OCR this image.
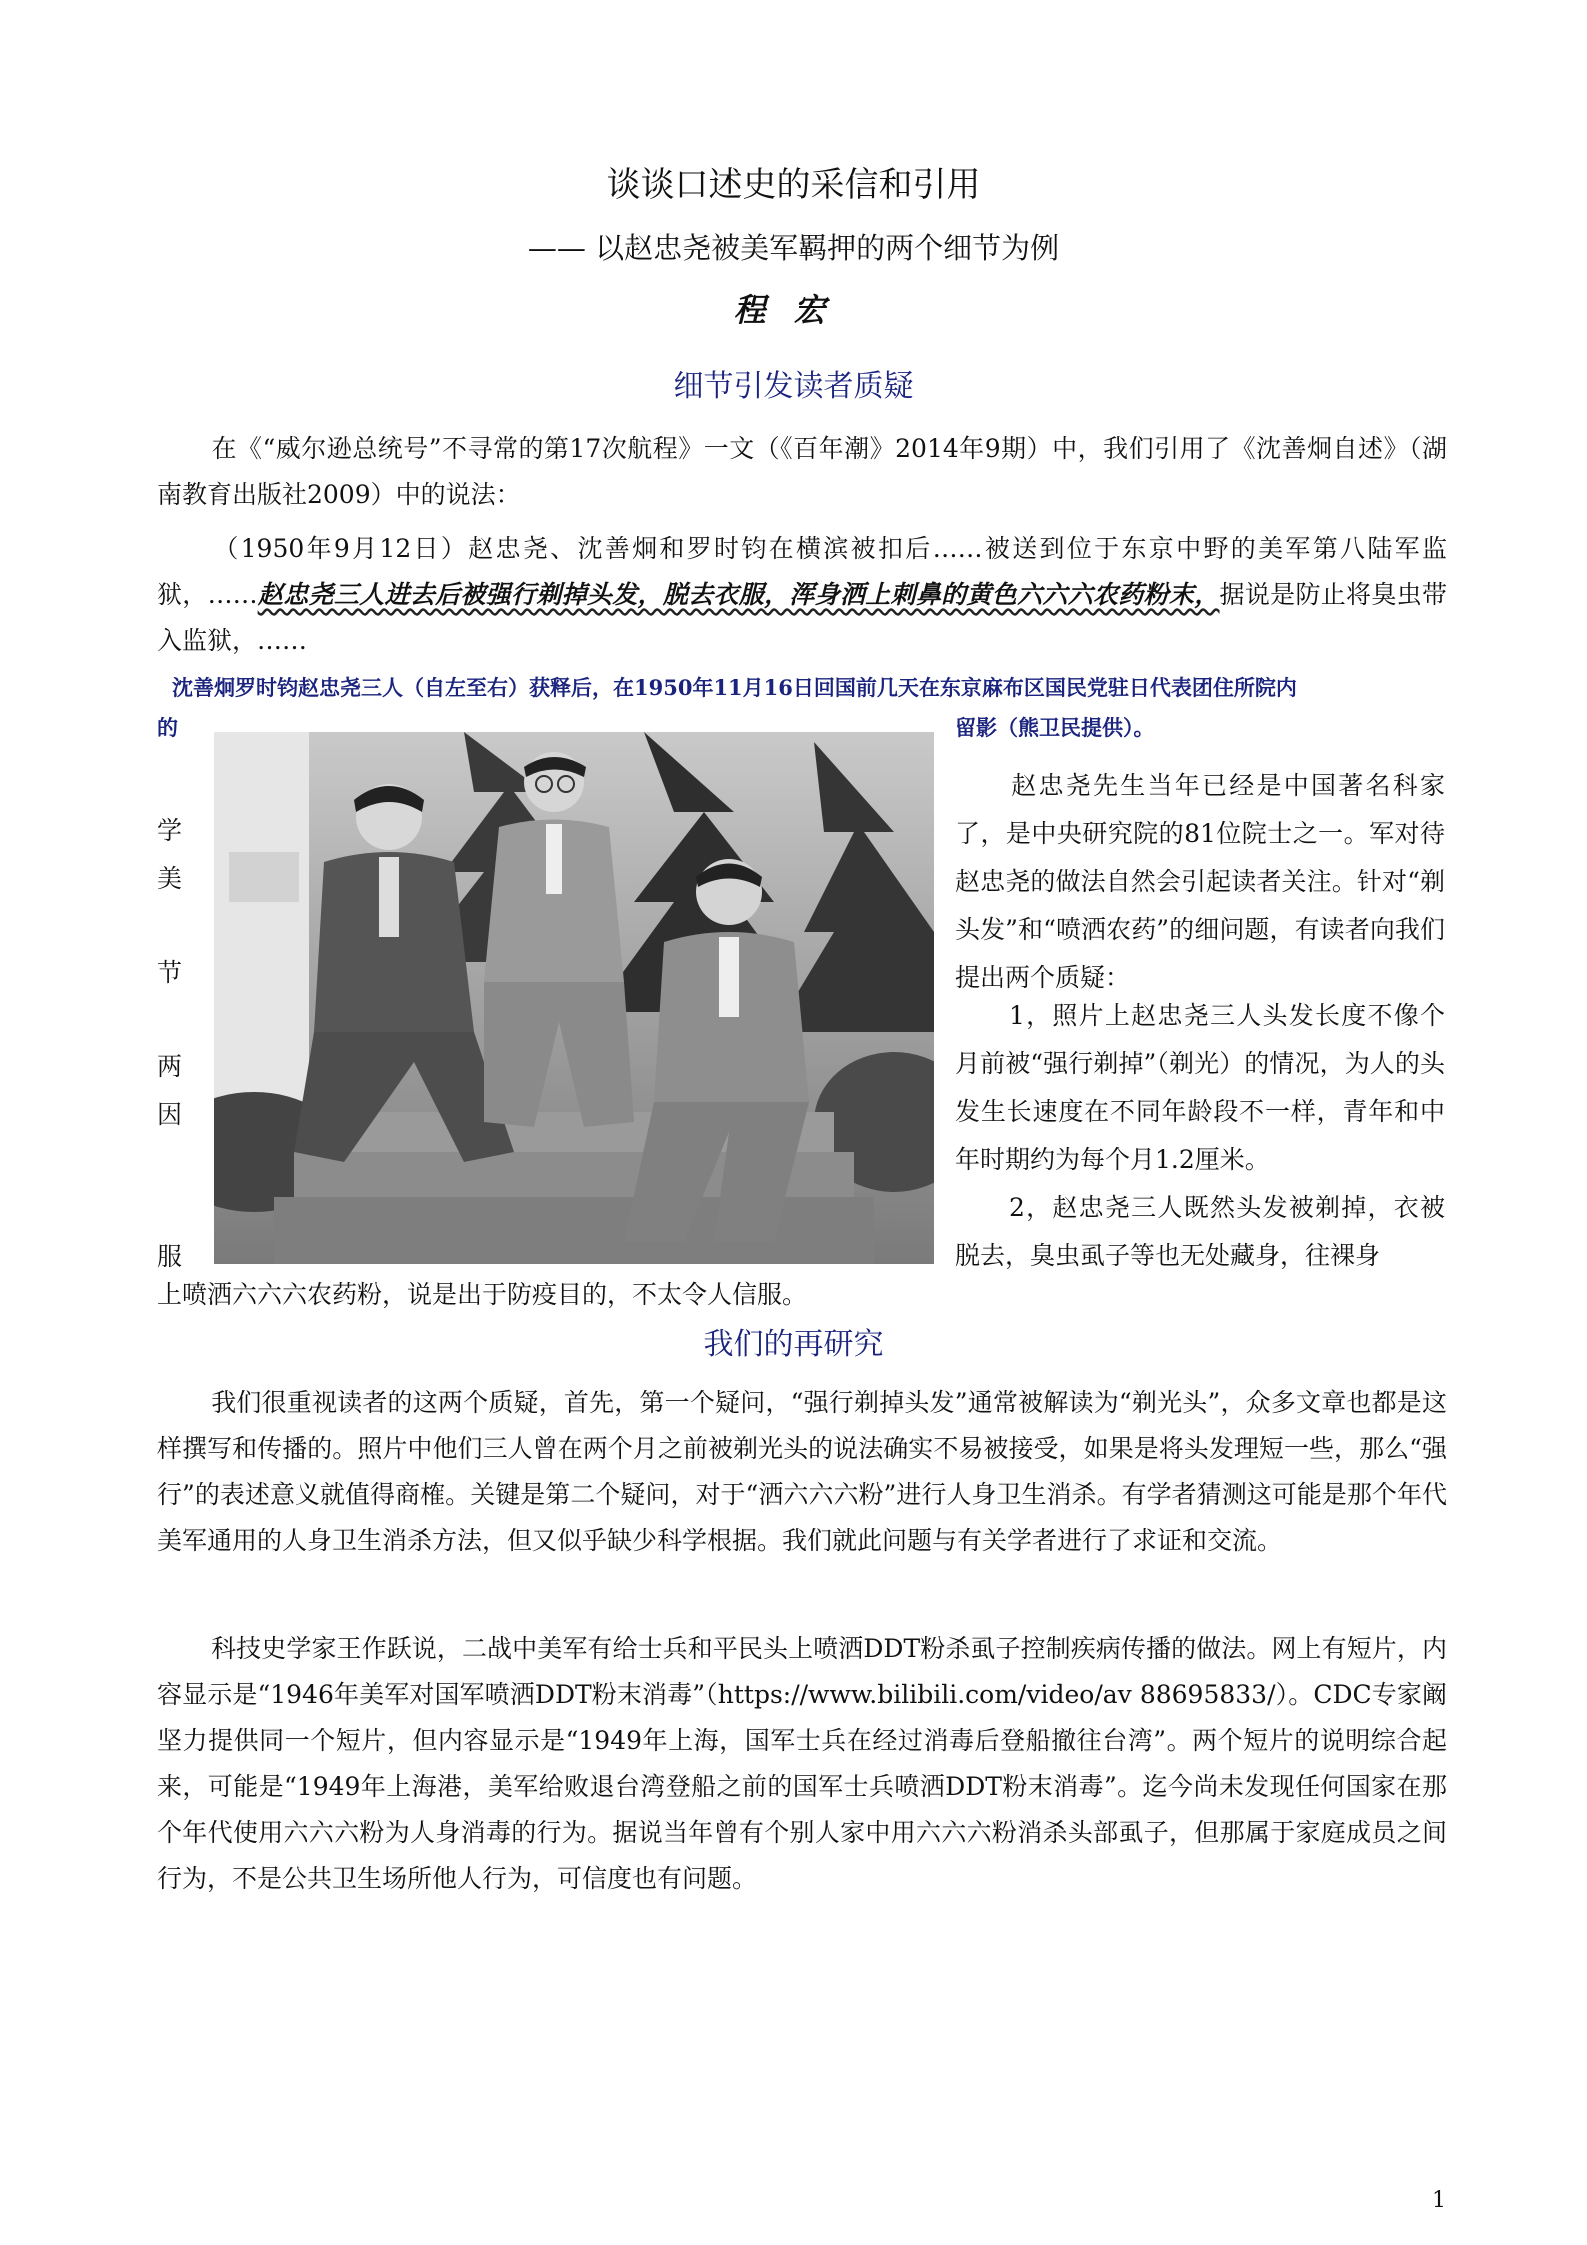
谈谈口述史的采信和引用
—— 以赵忠尧被美军羁押的两个细节为例
程宏
细节引发读者质疑

在《“威尔逊总统号”不寻常的第17次航程》一文（《百年潮》2014年9期）中，我们引用了《沈善炯自述》（湖南教育出版社2009）中的说法：

（1950年9月12日）赵忠尧、沈善炯和罗时钧在横滨被扣后……被送到位于东京中野的美军第八陆军监狱，……赵忠尧三人进去后被强行剃掉头发，脱去衣服，浑身洒上刺鼻的黄色六六六农药粉末，据说是防止将臭虫带入监狱，……

沈善炯罗时钧赵忠尧三人（自左至右）获释后，在1950年11月16日回国前几天在东京麻布区国民党驻日代表团住所院内
的	留影（熊卫民提供）。
学
美
节
两
因
服

赵忠尧先生当年已经是中国著名科家了，是中央研究院的81位院士之一。军对待赵忠尧的做法自然会引起读者关注。针对“剃头发”和“喷洒农药”的细问题，有读者向我们提出两个质疑：

1，照片上赵忠尧三人头发长度不像个月前被“强行剃掉”（剃光）的情况，为人的头发生长速度在不同年龄段不一样，青年和中年时期约为每个月1.2厘米。

2，赵忠尧三人既然头发被剃掉，衣被脱去，臭虫虱子等也无处藏身，往裸身

上喷洒六六六农药粉，说是出于防疫目的，不太令人信服。
我们的再研究

我们很重视读者的这两个质疑，首先，第一个疑问，“强行剃掉头发”通常被解读为“剃光头”，众多文章也都是这样撰写和传播的。照片中他们三人曾在两个月之前被剃光头的说法确实不易被接受，如果是将头发理短一些，那么“强行”的表述意义就值得商榷。关键是第二个疑问，对于“洒六六六粉”进行人身卫生消杀。有学者猜测这可能是那个年代美军通用的人身卫生消杀方法，但又似乎缺少科学根据。我们就此问题与有关学者进行了求证和交流。

科技史学家王作跃说，二战中美军有给士兵和平民头上喷洒DDT粉杀虱子控制疾病传播的做法。网上有短片，内容显示是“1946年美军对国军喷洒DDT粉末消毒”（https://www.bilibili.com/video/av 88695833/）。CDC专家阚坚力提供同一个短片，但内容显示是“1949年上海，国军士兵在经过消毒后登船撤往台湾”。两个短片的说明综合起来，可能是“1949年上海港，美军给败退台湾登船之前的国军士兵喷洒DDT粉末消毒”。迄今尚未发现任何国家在那个年代使用六六六粉为人身消毒的行为。据说当年曾有个别人家中用六六六粉消杀头部虱子，但那属于家庭成员之间行为，不是公共卫生场所他人行为，可信度也有问题。

1
